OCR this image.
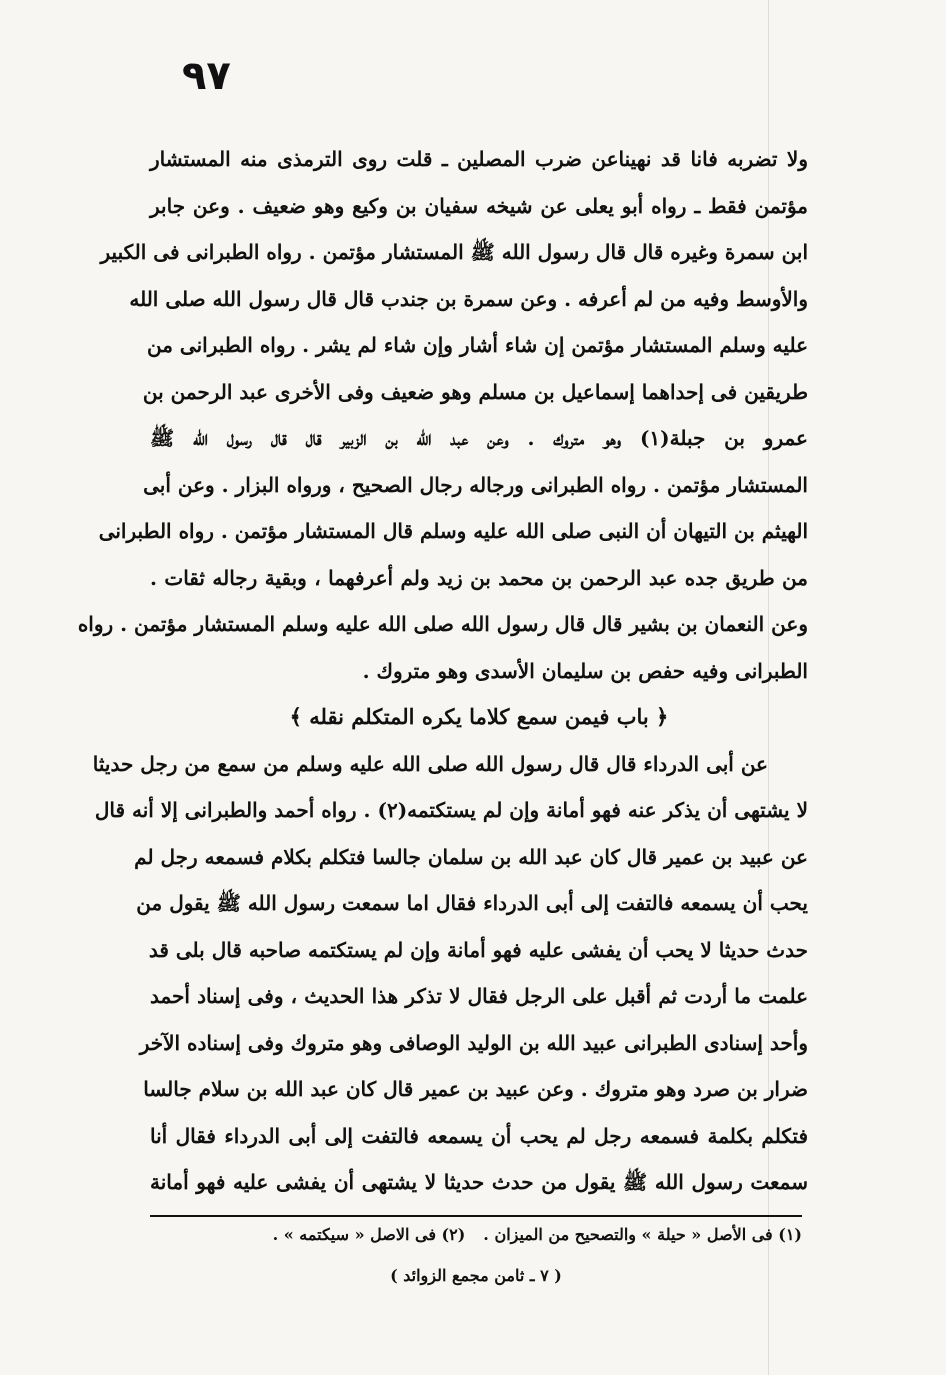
٩٧
ولا تضربه فانا قد نهيناعن ضرب المصلين ـ قلت روى الترمذى منه المستشار
مؤتمن فقط ـ رواه أبو يعلى عن شيخه سفيان بن وكيع وهو ضعيف . وعن جابر
ابن سمرة وغيره قال قال رسول الله ﷺ المستشار مؤتمن . رواه الطبرانى فى الكبير
والأوسط وفيه من لم أعرفه . وعن سمرة بن جندب قال قال رسول الله صلى الله
عليه وسلم المستشار مؤتمن إن شاء أشار وإن شاء لم يشر . رواه الطبرانى من
طريقين فى إحداهما إسماعيل بن مسلم وهو ضعيف وفى الأخرى عبد الرحمن بن
عمرو بن جبلة(١) وهو متروك . وعن عبد الله بن الزبير قال قال رسول الله ﷺ
المستشار مؤتمن . رواه الطبرانى ورجاله رجال الصحيح ، ورواه البزار . وعن أبى
الهيثم بن التيهان أن النبى صلى الله عليه وسلم قال المستشار مؤتمن . رواه الطبرانى
من طريق جده عبد الرحمن بن محمد بن زيد ولم أعرفهما ، وبقية رجاله ثقات .
وعن النعمان بن بشير قال قال رسول الله صلى الله عليه وسلم المستشار مؤتمن . رواه
الطبرانى وفيه حفص بن سليمان الأسدى وهو متروك .
﴿ باب فيمن سمع كلاما يكره المتكلم نقله ﴾
عن أبى الدرداء قال قال رسول الله صلى الله عليه وسلم من سمع من رجل حديثا
لا يشتهى أن يذكر عنه فهو أمانة وإن لم يستكتمه(٢) . رواه أحمد والطبرانى إلا أنه قال
عن عبيد بن عمير قال كان عبد الله بن سلمان جالسا فتكلم بكلام فسمعه رجل لم
يحب أن يسمعه فالتفت إلى أبى الدرداء فقال اما سمعت رسول الله ﷺ يقول من
حدث حديثا لا يحب أن يفشى عليه فهو أمانة وإن لم يستكتمه صاحبه قال بلى قد
علمت ما أردت ثم أقبل على الرجل فقال لا تذكر هذا الحديث ، وفى إسناد أحمد
وأحد إسنادى الطبرانى عبيد الله بن الوليد الوصافى وهو متروك وفى إسناده الآخر
ضرار بن صرد وهو متروك . وعن عبيد بن عمير قال كان عبد الله بن سلام جالسا
فتكلم بكلمة فسمعه رجل لم يحب أن يسمعه فالتفت إلى أبى الدرداء فقال أنا
سمعت رسول الله ﷺ يقول من حدث حديثا لا يشتهى أن يفشى عليه فهو أمانة
(١) فى الأصل « حيلة » والتصحيح من الميزان .
(٢) فى الاصل « سيكتمه » .
( ٧ ـ ثامن مجمع الزوائد )
